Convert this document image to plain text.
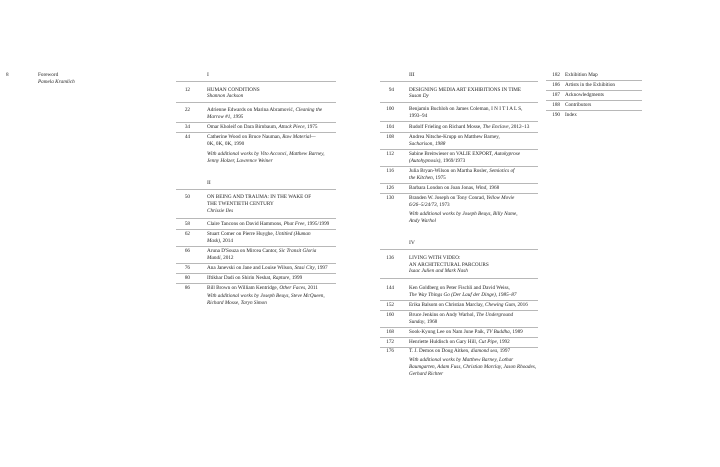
8	Foreword
Pamela Kramlich
I
12	HUMAN CONDITIONS
Shannon Jackson
22	Adrienne Edwards on Marina Abramović, Cleaning the
Marrow #1, 1995
34	Omar Kholeif on Dara Birnbaum, Attack Piece, 1975
44	Catherine Wood on Bruce Nauman, Raw Material—
0K, 0K, 0K, 1990
With additional works by Vito Acconci, Matthew Barney,
Jenny Holzer, Lawrence Weiner
II
50	ON BEING AND TRAUMA: IN THE WAKE OF
THE TWENTIETH CENTURY
Chrissie Iles
58	Claire Tancons on David Hammons, Phat Free, 1995/1999
62	Stuart Comer on Pierre Huyghe, Untitled (Human
Mask), 2014
66	Aruna D'Souza on Mircea Cantor, Sic Transit Gloria
Mundi, 2012
76	Ana Janevski on Jane and Louise Wilson, Stasi City, 1997
80	Iftikhar Dadi on Shirin Neshat, Rapture, 1999
86	Bill Brown on William Kentridge, Other Faces, 2011
With additional works by Joseph Beuys, Steve McQueen,
Richard Mosse, Taryn Simon
III
94	DESIGNING MEDIA ART EXHIBITIONS IN TIME
Susan Dy
100	Benjamin Buchloh on James Coleman, I N I T I A L S,
1993–94
104	Rudolf Frieling on Richard Mosse, The Enclave, 2012–13
108	Andrea Nitsche-Krupp on Matthew Barney,
Sacharison, 1988
112	Sabine Breitwieser on VALIE EXPORT, Autokyprose
(Autohypnosis), 1969/1973
116	Julia Bryan-Wilson on Martha Rosler, Semiotics of
the Kitchen, 1975
126	Barbara London on Joan Jonas, Wind, 1968
130	Branden W. Joseph on Tony Conrad, Yellow Movie
6/26–5/24/73, 1973
With additional works by Joseph Beuys, Billy Name,
Andy Warhol
IV
136	LIVING WITH VIDEO:
AN ARCHITECTURAL PARCOURS
Isaac Julien and Mark Nash
144	Ken Goldberg on Peter Fischli and David Weiss,
The Way Things Go (Der Lauf der Dinge), 1985–87
152	Erika Balsom on Christian Marclay, Chewing Gum, 2016
160	Bruce Jenkins on Andy Warhol, The Underground
Sunday, 1968
168	Sook-Kyung Lee on Nam June Paik, TV Buddha, 1989
172	Henriette Huldisch on Gary Hill, Cut Pipe, 1992
176	T. J. Demos on Doug Aitken, diamond sea, 1997
With additional works by Matthew Barney, Lothar
Baumgarten, Adam Fuss, Christian Marclay, Jason Rhoades,
Gerhard Richter
182 Exhibition Map
186 Artists in the Exhibition
187 Acknowledgments
188 Contributors
190 Index
